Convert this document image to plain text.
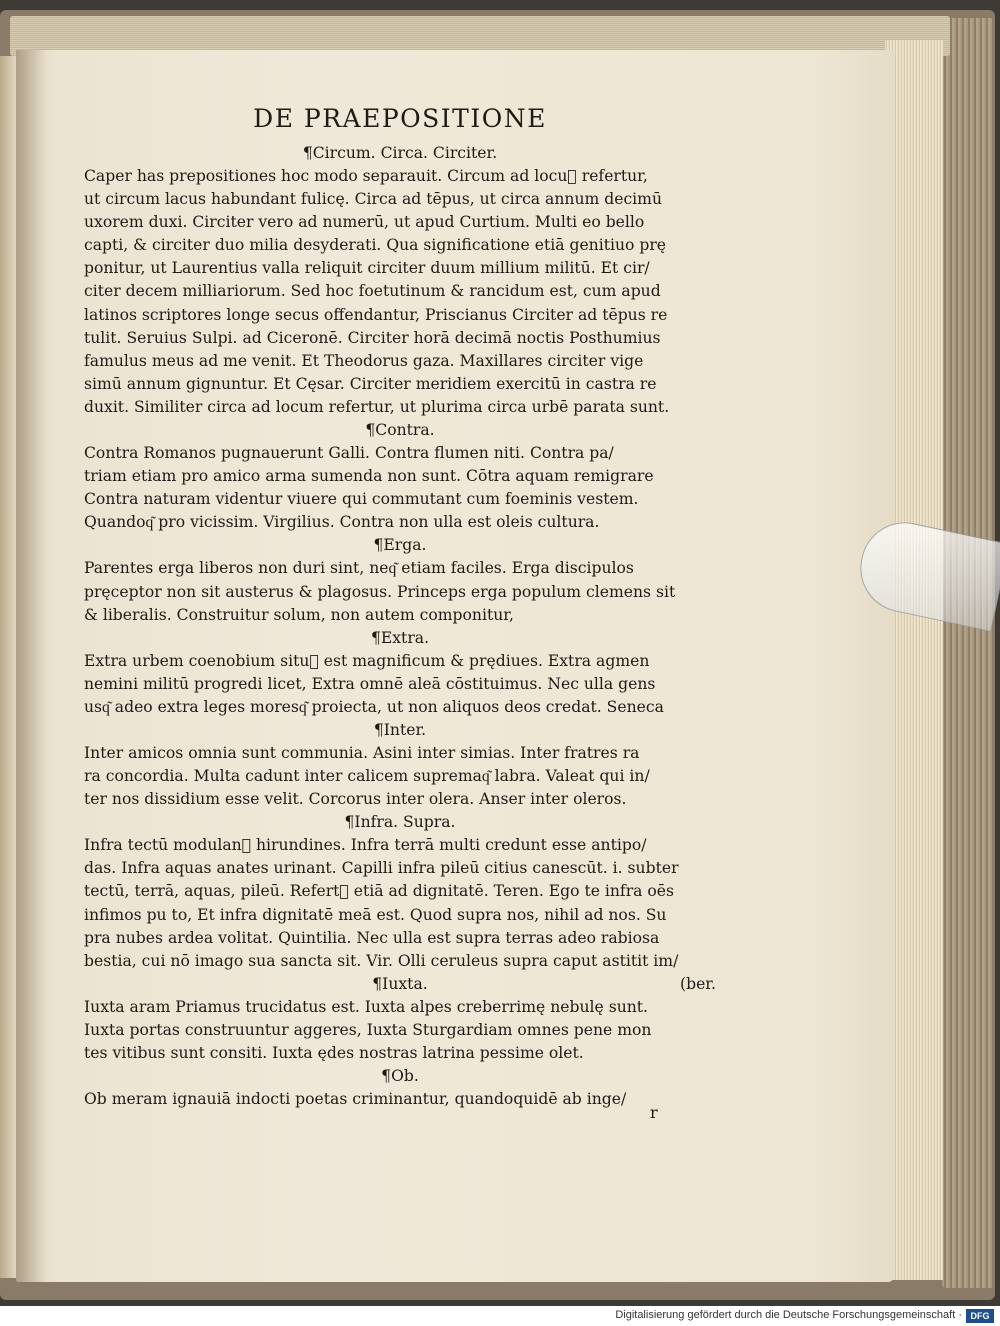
DE PRAEPOSITIONE
¶Circum. Circa. Circiter.
Caper has prepositiones hoc modo separauit. Circum ad locu᷑ refertur,
ut circum lacus habundant fulicę. Circa ad tēpus, ut circa annum decimū
uxorem duxi. Circiter vero ad numerū, ut apud Curtium. Multi eo bello
capti, & circiter duo milia desyderati. Qua significatione etiā genitiuo prę
ponitur, ut Laurentius valla reliquit circiter duum millium militū. Et cir/
citer decem milliariorum. Sed hoc foetutinum & rancidum est, cum apud
latinos scriptores longe secus offendantur, Priscianus Circiter ad tēpus re
tulit. Seruius Sulpi. ad Ciceronē. Circiter horā decimā noctis Posthumius
famulus meus ad me venit. Et Theodorus gaza. Maxillares circiter vige
simū annum gignuntur. Et Cęsar. Circiter meridiem exercitū in castra re
duxit. Similiter circa ad locum refertur, ut plurima circa urbē parata sunt.
¶Contra.
Contra Romanos pugnauerunt Galli. Contra flumen niti. Contra pa/
triam etiam pro amico arma sumenda non sunt. Cōtra aquam remigrare
Contra naturam videntur viuere qui commutant cum foeminis vestem.
Quandoq͂ pro vicissim. Virgilius. Contra non ulla est oleis cultura.
¶Erga.
Parentes erga liberos non duri sint, neq͂ etiam faciles. Erga discipulos
pręceptor non sit austerus & plagosus. Princeps erga populum clemens sit
& liberalis. Construitur solum, non autem componitur,
¶Extra.
Extra urbem coenobium situ᷑ est magnificum & prędiues. Extra agmen
nemini militū progredi licet, Extra omnē aleā cōstituimus. Nec ulla gens
usq͂ adeo extra leges moresq͂ proiecta, ut non aliquos deos credat. Seneca
¶Inter.
Inter amicos omnia sunt communia. Asini inter simias. Inter fratres ra
ra concordia. Multa cadunt inter calicem supremaq͂ labra. Valeat qui in/
ter nos dissidium esse velit. Corcorus inter olera. Anser inter oleros.
¶Infra. Supra.
Infra tectū modulan᷑ hirundines. Infra terrā multi credunt esse antipo/
das. Infra aquas anates urinant. Capilli infra pileū citius canescūt. i. subter
tectū, terrā, aquas, pileū. Refert᷑ etiā ad dignitatē. Teren. Ego te infra oēs
infimos pu to, Et infra dignitatē meā est. Quod supra nos, nihil ad nos. Su
pra nubes ardea volitat. Quintilia. Nec ulla est supra terras adeo rabiosa
bestia, cui nō imago sua sancta sit. Vir. Olli ceruleus supra caput astitit im/
¶Iuxta.	(ber.
Iuxta aram Priamus trucidatus est. Iuxta alpes creberrimę nebulę sunt.
Iuxta portas construuntur aggeres, Iuxta Sturgardiam omnes pene mon
tes vitibus sunt consiti. Iuxta ędes nostras latrina pessime olet.
¶Ob.
Ob meram ignauiā indocti poetas criminantur, quandoquidē ab inge/
r
Digitalisierung gefördert durch die Deutsche Forschungsgemeinschaft · DFG
